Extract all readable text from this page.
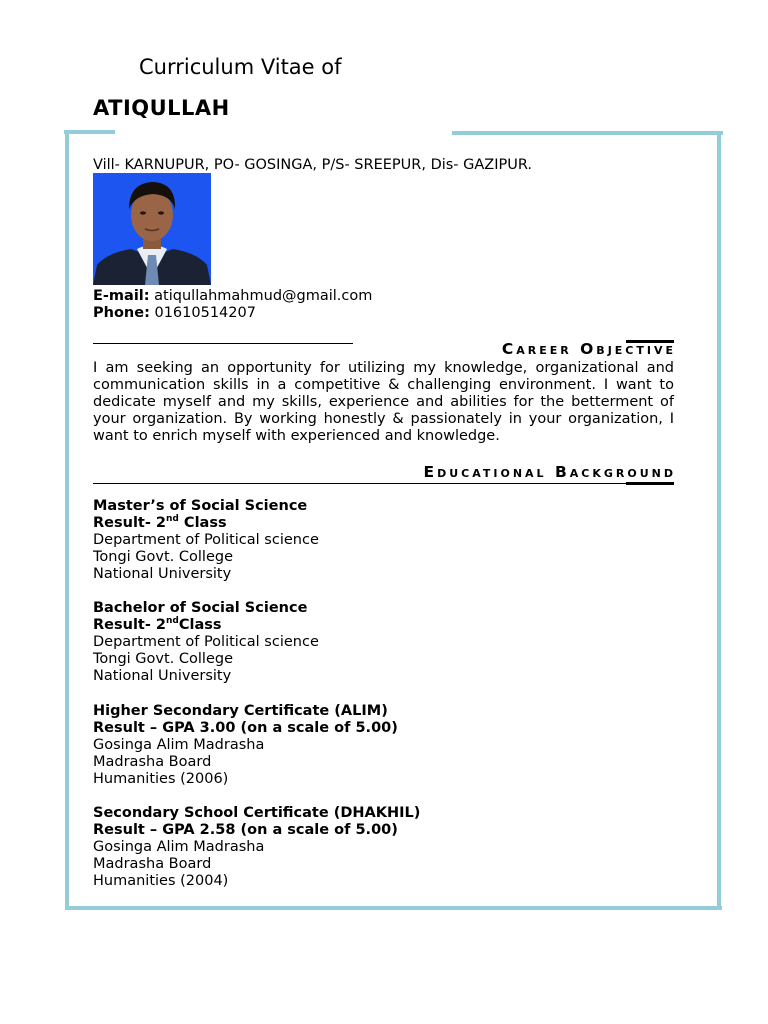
Curriculum Vitae of
ATIQULLAH
Vill- KARNUPUR, PO- GOSINGA, P/S- SREEPUR, Dis- GAZIPUR.
E-mail: atiqullahmahmud@gmail.com
Phone: 01610514207
Career Objective
I am seeking an opportunity for utilizing my knowledge, organizational and communication skills in a competitive & challenging environment. I want to dedicate myself and my skills, experience and abilities for the betterment of your organization. By working honestly & passionately in your organization, I want to enrich myself with experienced and knowledge.
Educational Background
Master’s of Social Science
Result- 2nd Class
Department of Political science
Tongi Govt. College
National University
Bachelor of Social Science
Result- 2ndClass
Department of Political science
Tongi Govt. College
National University
Higher Secondary Certificate (ALIM)
Result – GPA 3.00 (on a scale of 5.00)
Gosinga Alim Madrasha
Madrasha Board
Humanities (2006)
Secondary School Certificate (DHAKHIL)
Result – GPA 2.58 (on a scale of 5.00)
Gosinga Alim Madrasha
Madrasha Board
Humanities (2004)
